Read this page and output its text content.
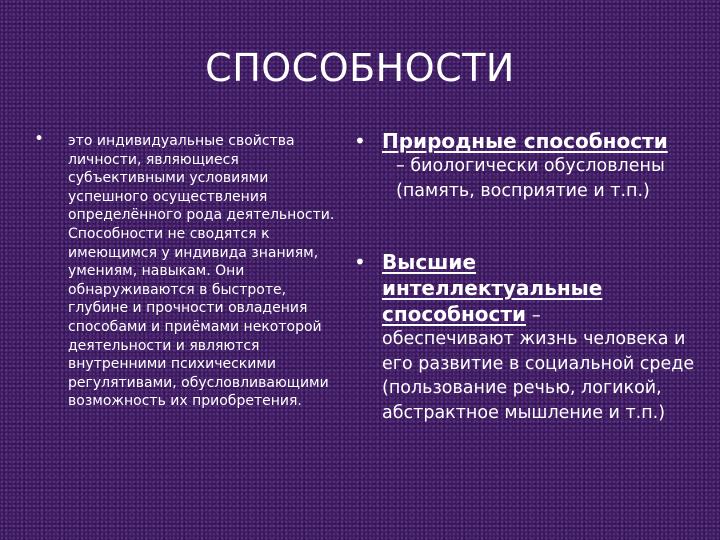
СПОСОБНОСТИ
• это индивидуальные свойства личности, являющиеся субъективными условиями успешного осуществления определённого рода деятельности. Способности не сводятся к имеющимся у индивида знаниям, умениям, навыкам. Они обнаруживаются в быстроте, глубине и прочности овладения способами и приёмами некоторой деятельности и являются внутренними психическими регулятивами, обусловливающими возможность их приобретения.
• Природные способности
– биологически обусловлены (память, восприятие и т.п.)
• Высшие
интеллектуальные
способности –
обеспечивают жизнь человека и его развитие в социальной среде (пользование речью, логикой, абстрактное мышление и т.п.)
